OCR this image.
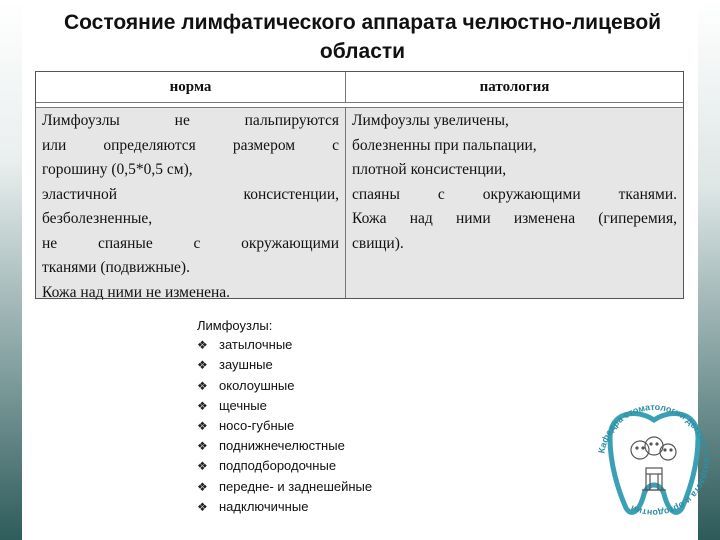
Состояние лимфатического аппарата челюстно-лицевой области
норма	патология
Лимфоузлы не пальпируются
или определяются размером с
горошину (0,5*0,5 см),
эластичной консистенции,
безболезненные,
не спаяные с окружающими
тканями (подвижные).
Кожа над ними не изменена.
Лимфоузлы увеличены,
болезненны при пальпации,
плотной консистенции,
спаяны с окружающими тканями.
Кожа над ними изменена (гиперемия,
свищи).
Лимфоузлы:
❖ затылочные
❖ заушные
❖ околоушные
❖ щечные
❖ носо-губные
❖ поднижнечелюстные
❖ подподбородочные
❖ передне- и заднешейные
❖ надключичные
Кафедра стоматологии детского возраста и ортодонтии
